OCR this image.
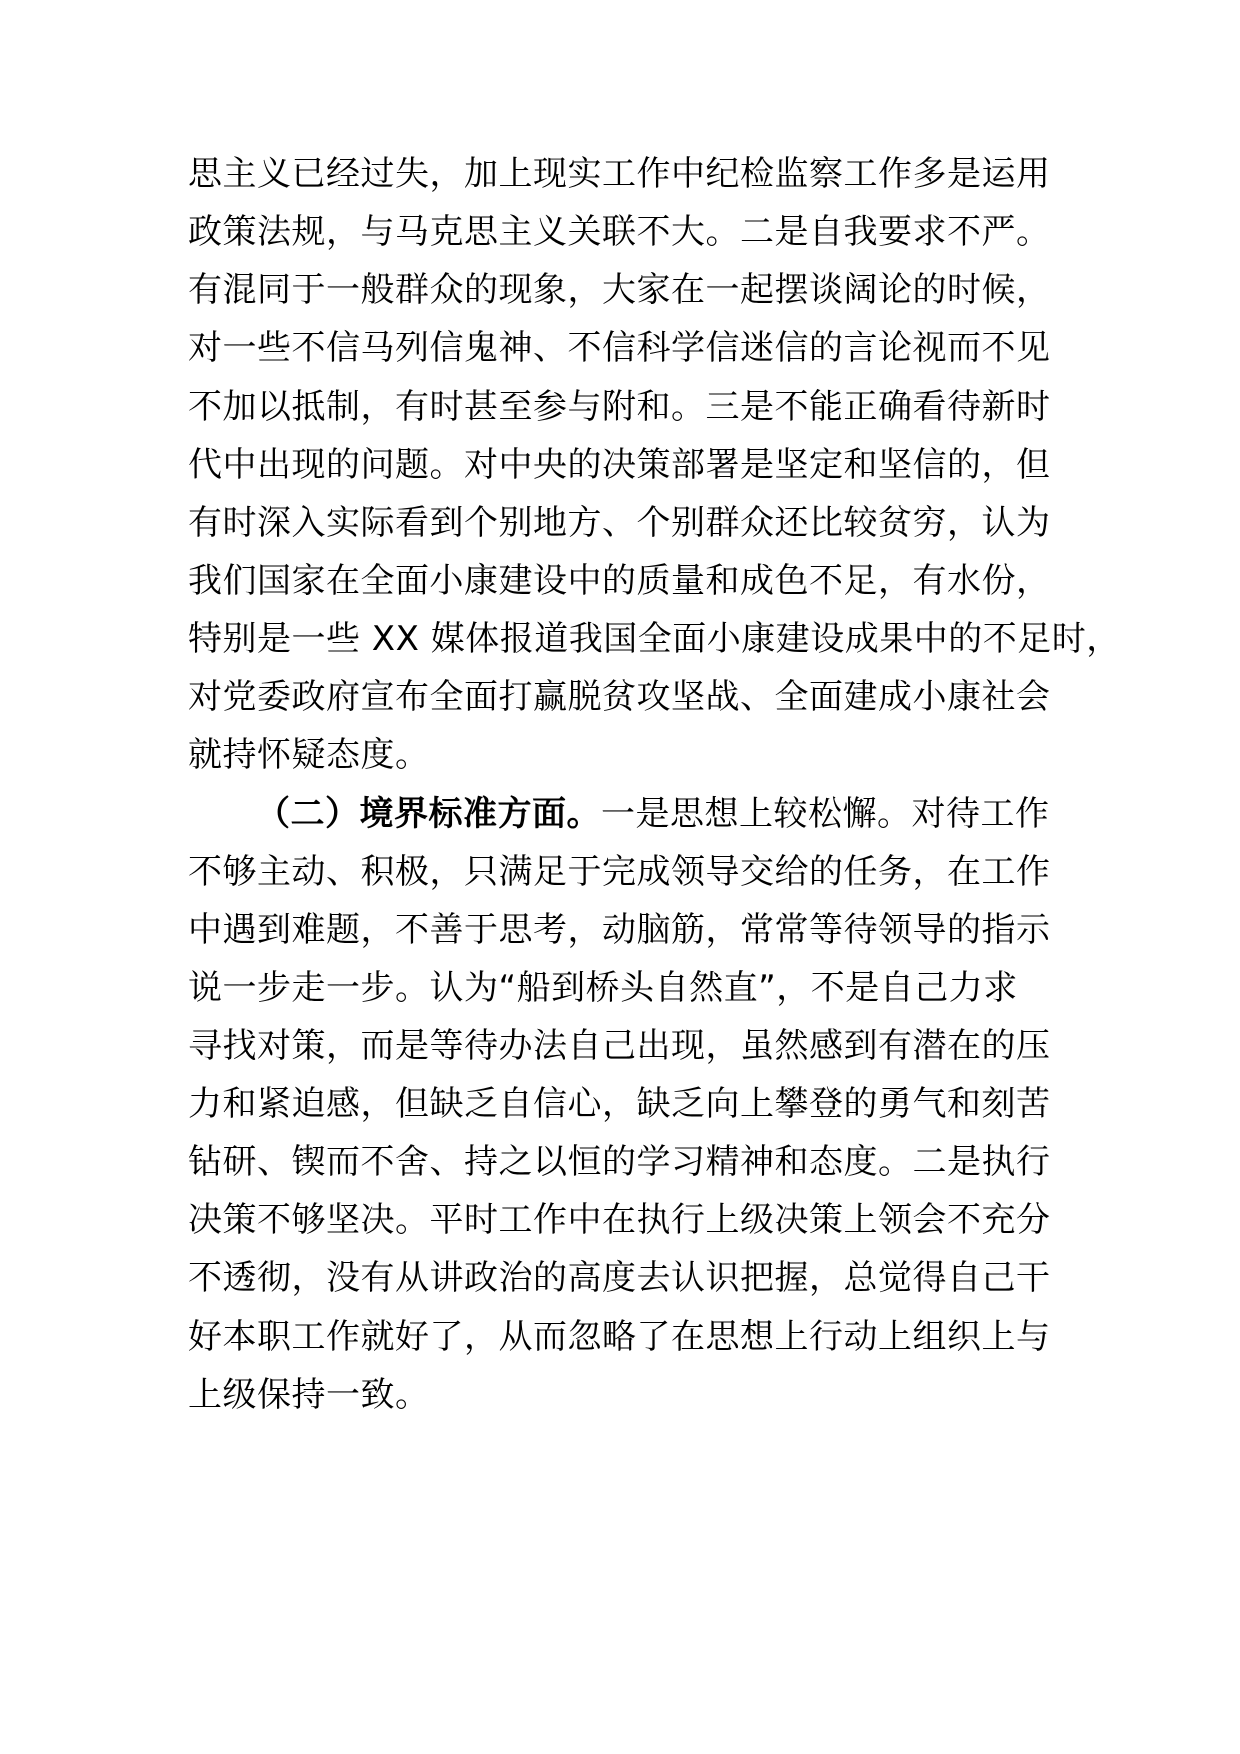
思主义已经过失，加上现实工作中纪检监察工作多是运用
政策法规，与马克思主义关联不大。二是自我要求不严。
有混同于一般群众的现象，大家在一起摆谈阔论的时候，
对一些不信马列信鬼神、不信科学信迷信的言论视而不见
不加以抵制，有时甚至参与附和。三是不能正确看待新时
代中出现的问题。对中央的决策部署是坚定和坚信的，但
有时深入实际看到个别地方、个别群众还比较贫穷，认为
我们国家在全面小康建设中的质量和成色不足，有水份，
特别是一些 XX 媒体报道我国全面小康建设成果中的不足时，
对党委政府宣布全面打赢脱贫攻坚战、全面建成小康社会
就持怀疑态度。
（二）境界标准方面。一是思想上较松懈。对待工作
不够主动、积极，只满足于完成领导交给的任务，在工作
中遇到难题，不善于思考，动脑筋，常常等待领导的指示
说一步走一步。认为“船到桥头自然直”，不是自己力求
寻找对策，而是等待办法自己出现，虽然感到有潜在的压
力和紧迫感，但缺乏自信心，缺乏向上攀登的勇气和刻苦
钻研、锲而不舍、持之以恒的学习精神和态度。二是执行
决策不够坚决。平时工作中在执行上级决策上领会不充分
不透彻，没有从讲政治的高度去认识把握，总觉得自己干
好本职工作就好了，从而忽略了在思想上行动上组织上与
上级保持一致。
